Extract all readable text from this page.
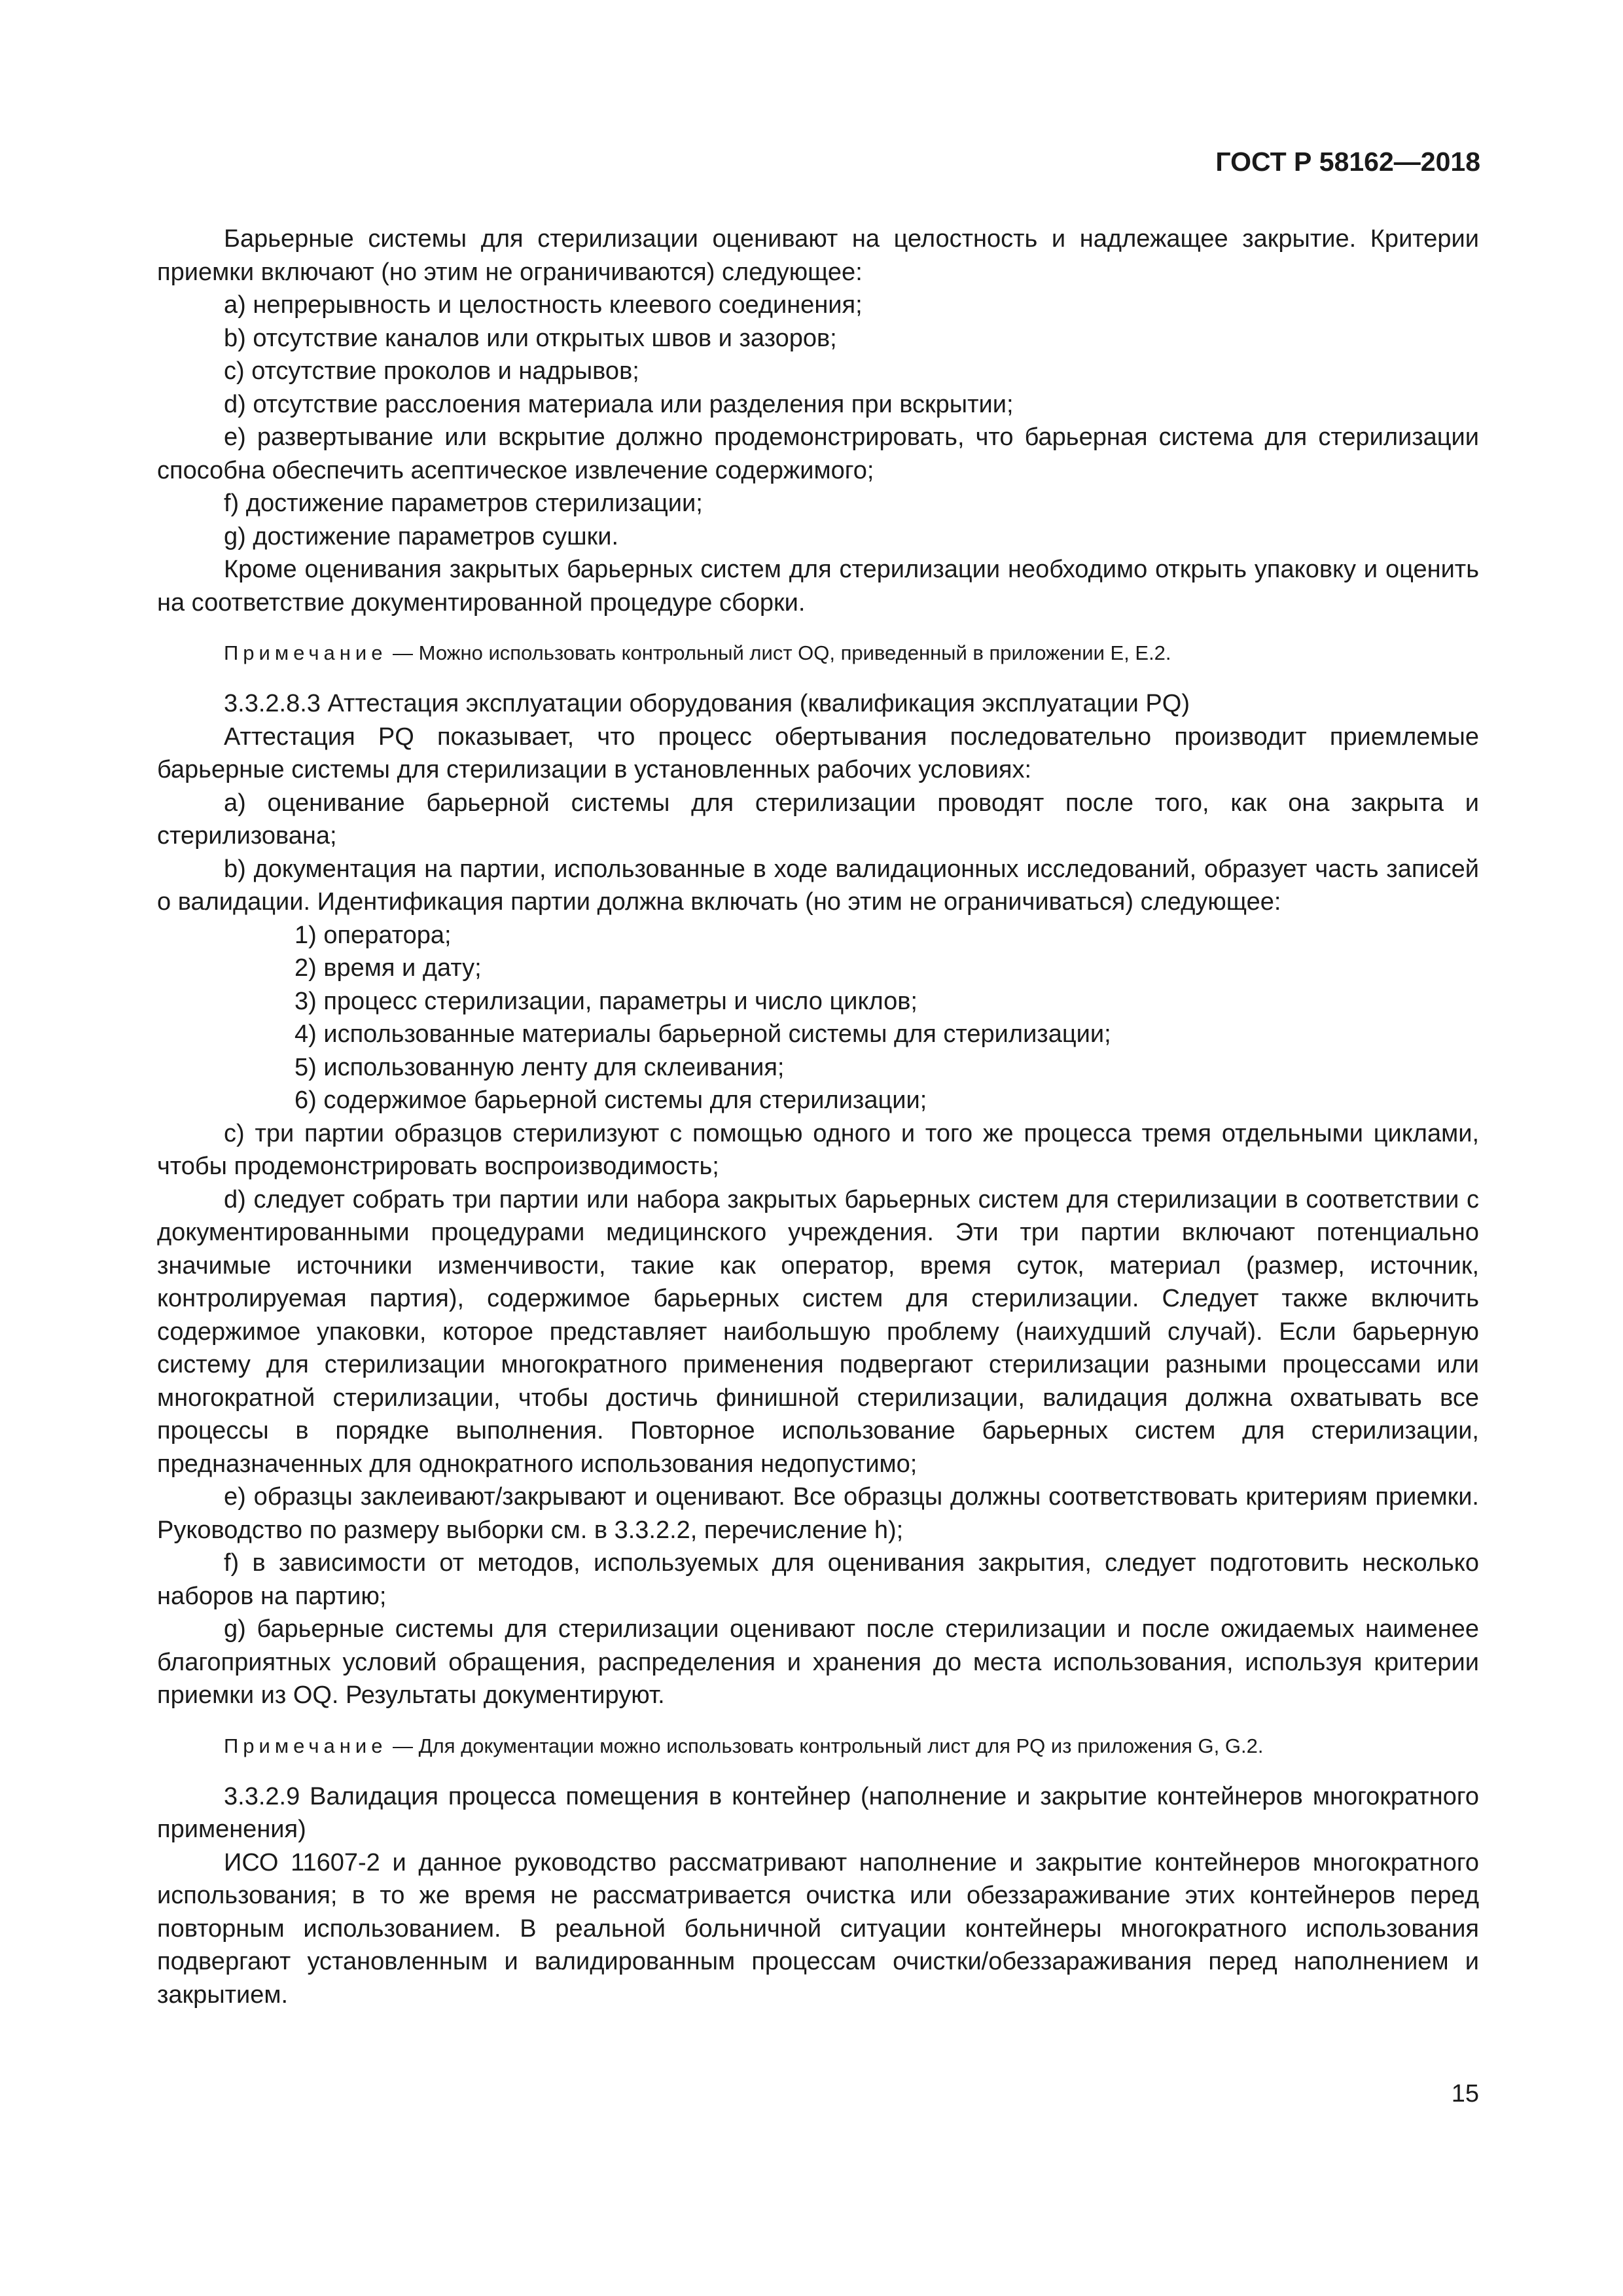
ГОСТ Р 58162—2018

Барьерные системы для стерилизации оценивают на целостность и надлежащее закрытие. Критерии приемки включают (но этим не ограничиваются) следующее:

a) непрерывность и целостность клеевого соединения;

b) отсутствие каналов или открытых швов и зазоров;

c) отсутствие проколов и надрывов;

d) отсутствие расслоения материала или разделения при вскрытии;

e) развертывание или вскрытие должно продемонстрировать, что барьерная система для стерилизации способна обеспечить асептическое извлечение содержимого;

f) достижение параметров стерилизации;

g) достижение параметров сушки.

Кроме оценивания закрытых барьерных систем для стерилизации необходимо открыть упаковку и оценить на соответствие документированной процедуре сборки.

Примечание — Можно использовать контрольный лист OQ, приведенный в приложении E, E.2.

3.3.2.8.3 Аттестация эксплуатации оборудования (квалификация эксплуатации PQ)

Аттестация PQ показывает, что процесс обертывания последовательно производит приемлемые барьерные системы для стерилизации в установленных рабочих условиях:

a) оценивание барьерной системы для стерилизации проводят после того, как она закрыта и стерилизована;

b) документация на партии, использованные в ходе валидационных исследований, образует часть записей о валидации. Идентификация партии должна включать (но этим не ограничиваться) следующее:

1) оператора;

2) время и дату;

3) процесс стерилизации, параметры и число циклов;

4) использованные материалы барьерной системы для стерилизации;

5) использованную ленту для склеивания;

6) содержимое барьерной системы для стерилизации;

c) три партии образцов стерилизуют с помощью одного и того же процесса тремя отдельными циклами, чтобы продемонстрировать воспроизводимость;

d) следует собрать три партии или набора закрытых барьерных систем для стерилизации в соответствии с документированными процедурами медицинского учреждения. Эти три партии включают потенциально значимые источники изменчивости, такие как оператор, время суток, материал (размер, источник, контролируемая партия), содержимое барьерных систем для стерилизации. Следует также включить содержимое упаковки, которое представляет наибольшую проблему (наихудший случай). Если барьерную систему для стерилизации многократного применения подвергают стерилизации разными процессами или многократной стерилизации, чтобы достичь финишной стерилизации, валидация должна охватывать все процессы в порядке выполнения. Повторное использование барьерных систем для стерилизации, предназначенных для однократного использования недопустимо;

e) образцы заклеивают/закрывают и оценивают. Все образцы должны соответствовать критериям приемки. Руководство по размеру выборки см. в 3.3.2.2, перечисление h);

f) в зависимости от методов, используемых для оценивания закрытия, следует подготовить несколько наборов на партию;

g) барьерные системы для стерилизации оценивают после стерилизации и после ожидаемых наименее благоприятных условий обращения, распределения и хранения до места использования, используя критерии приемки из OQ. Результаты документируют.

Примечание — Для документации можно использовать контрольный лист для PQ из приложения G, G.2.

3.3.2.9 Валидация процесса помещения в контейнер (наполнение и закрытие контейнеров многократного применения)

ИСО 11607-2 и данное руководство рассматривают наполнение и закрытие контейнеров многократного использования; в то же время не рассматривается очистка или обеззараживание этих контейнеров перед повторным использованием. В реальной больничной ситуации контейнеры многократного использования подвергают установленным и валидированным процессам очистки/обеззараживания перед наполнением и закрытием.

15
